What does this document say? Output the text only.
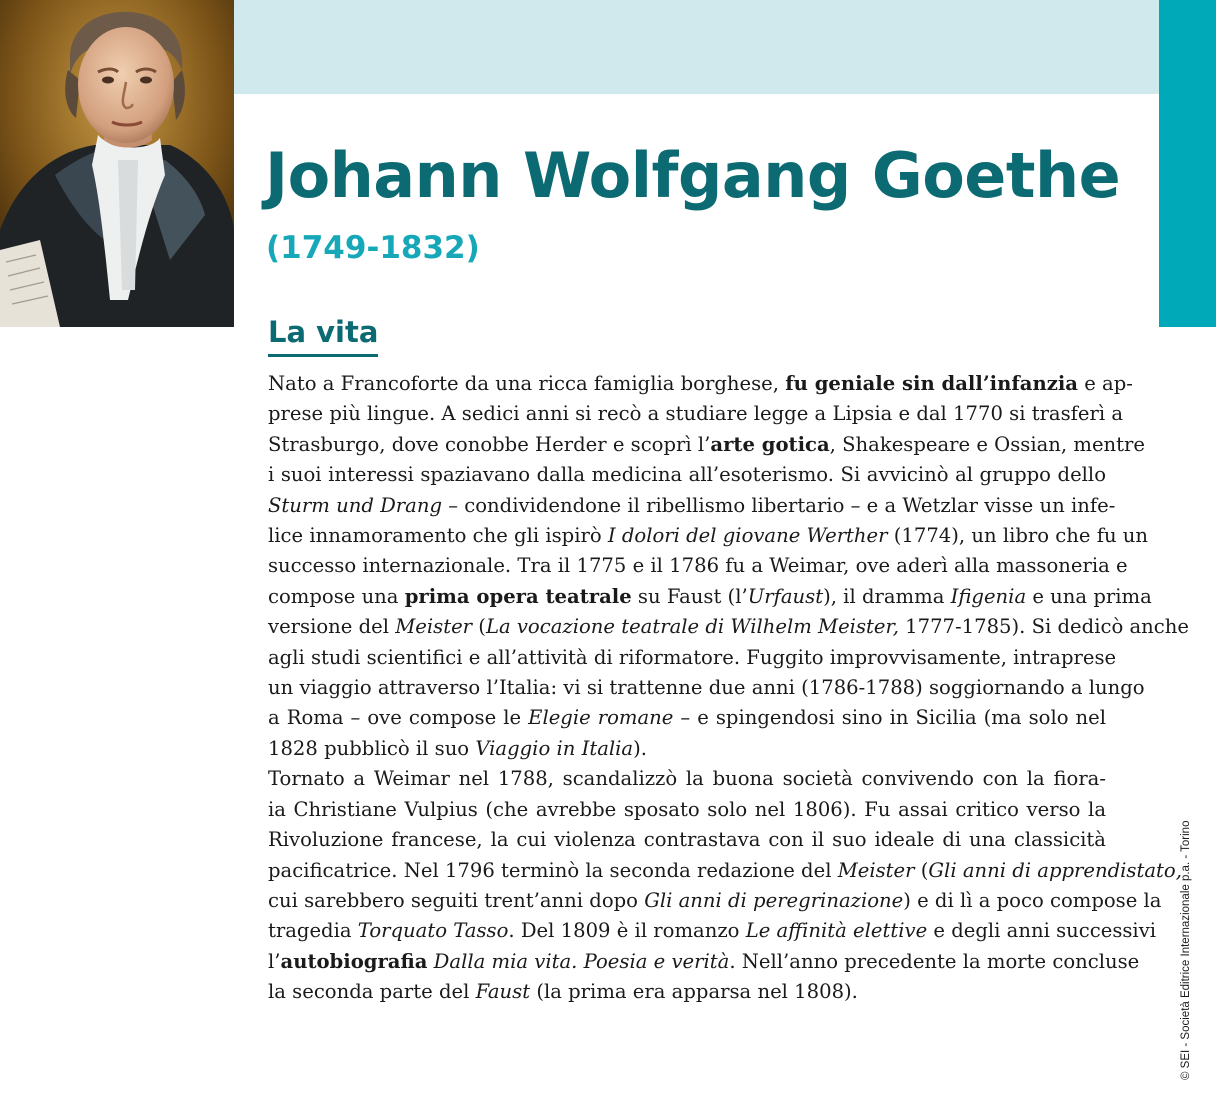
Johann Wolfgang Goethe
(1749-1832)
La vita
Nato a Francoforte da una ricca famiglia borghese, fu geniale sin dall’infanzia e ap-
prese più lingue. A sedici anni si recò a studiare legge a Lipsia e dal 1770 si trasferì a
Strasburgo, dove conobbe Herder e scoprì l’arte gotica, Shakespeare e Ossian, mentre
i suoi interessi spaziavano dalla medicina all’esoterismo. Si avvicinò al gruppo dello
Sturm und Drang – condividendone il ribellismo libertario – e a Wetzlar visse un infe-
lice innamoramento che gli ispirò I dolori del giovane Werther (1774), un libro che fu un
successo internazionale. Tra il 1775 e il 1786 fu a Weimar, ove aderì alla massoneria e
compose una prima opera teatrale su Faust (l’Urfaust), il dramma Ifigenia e una prima
versione del Meister (La vocazione teatrale di Wilhelm Meister, 1777-1785). Si dedicò anche
agli studi scientifici e all’attività di riformatore. Fuggito improvvisamente, intraprese
un viaggio attraverso l’Italia: vi si trattenne due anni (1786-1788) soggiornando a lungo
a Roma – ove compose le Elegie romane – e spingendosi sino in Sicilia (ma solo nel
1828 pubblicò il suo Viaggio in Italia).
Tornato a Weimar nel 1788, scandalizzò la buona società convivendo con la fiora-
ia Christiane Vulpius (che avrebbe sposato solo nel 1806). Fu assai critico verso la
Rivoluzione francese, la cui violenza contrastava con il suo ideale di una classicità
pacificatrice. Nel 1796 terminò la seconda redazione del Meister (Gli anni di apprendistato,
cui sarebbero seguiti trent’anni dopo Gli anni di peregrinazione) e di lì a poco compose la
tragedia Torquato Tasso. Del 1809 è il romanzo Le affinità elettive e degli anni successivi
l’autobiografia Dalla mia vita. Poesia e verità. Nell’anno precedente la morte concluse
la seconda parte del Faust (la prima era apparsa nel 1808).	© SEI - Società Editrice Internazionale p.a. - Torino
